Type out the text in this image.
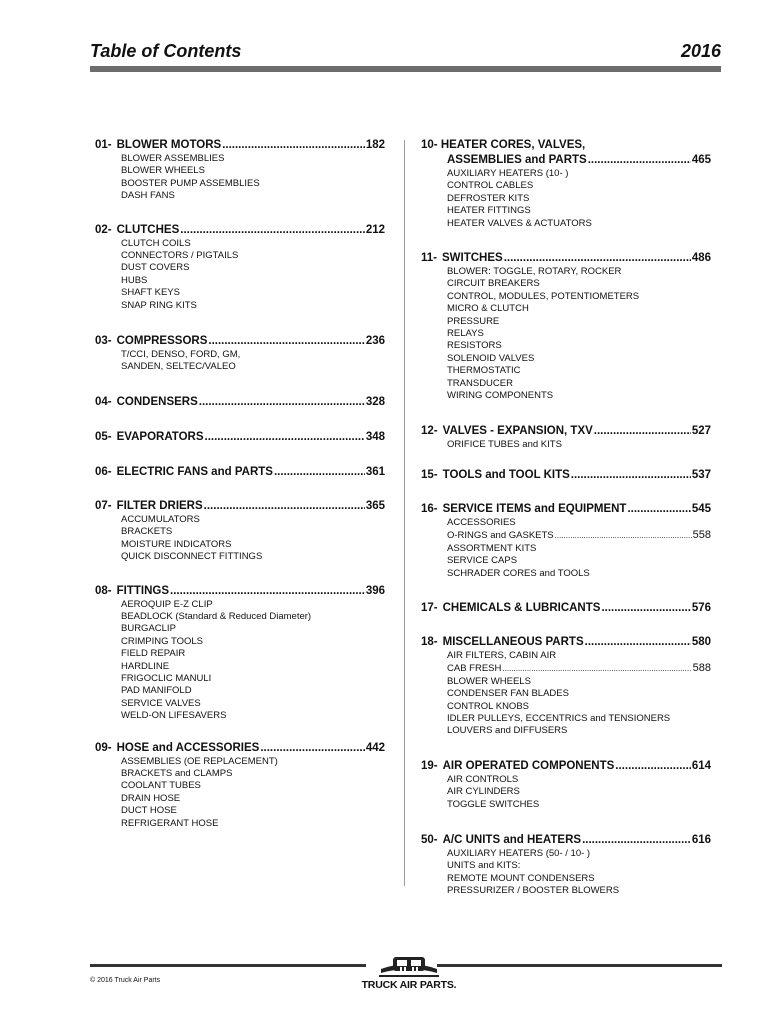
Table of Contents	2016
01- BLOWER MOTORS .....	182
BLOWER ASSEMBLIES
BLOWER WHEELS
BOOSTER PUMP ASSEMBLIES
DASH FANS
02- CLUTCHES .....	212
CLUTCH COILS
CONNECTORS / PIGTAILS
DUST COVERS
HUBS
SHAFT KEYS
SNAP RING KITS
03- COMPRESSORS .....	236
T/CCI, DENSO, FORD, GM,
SANDEN, SELTEC/VALEO
04- CONDENSERS .....	328
05- EVAPORATORS .....	348
06- ELECTRIC FANS and PARTS .....	361
07- FILTER DRIERS .....	365
ACCUMULATORS
BRACKETS
MOISTURE INDICATORS
QUICK DISCONNECT FITTINGS
08- FITTINGS .....	396
AEROQUIP E-Z CLIP
BEADLOCK (Standard & Reduced Diameter)
BURGACLIP
CRIMPING TOOLS
FIELD REPAIR
HARDLINE
FRIGOCLIC MANULI
PAD MANIFOLD
SERVICE VALVES
WELD-ON LIFESAVERS
09- HOSE and ACCESSORIES .....	442
ASSEMBLIES (OE REPLACEMENT)
BRACKETS and CLAMPS
COOLANT TUBES
DRAIN HOSE
DUCT HOSE
REFRIGERANT HOSE
10- HEATER CORES, VALVES,
ASSEMBLIES and PARTS .....	465
AUXILIARY HEATERS (10- )
CONTROL CABLES
DEFROSTER KITS
HEATER FITTINGS
HEATER VALVES & ACTUATORS
11- SWITCHES .....	486
BLOWER: TOGGLE, ROTARY, ROCKER
CIRCUIT BREAKERS
CONTROL, MODULES, POTENTIOMETERS
MICRO & CLUTCH
PRESSURE
RELAYS
RESISTORS
SOLENOID VALVES
THERMOSTATIC
TRANSDUCER
WIRING COMPONENTS
12- VALVES - EXPANSION, TXV .....	527
ORIFICE TUBES and KITS
15- TOOLS and TOOL KITS .....	537
16- SERVICE ITEMS and EQUIPMENT .....	545
ACCESSORIES
O-RINGS and GASKETS .....	558
ASSORTMENT KITS
SERVICE CAPS
SCHRADER CORES and TOOLS
17- CHEMICALS & LUBRICANTS .....	576
18- MISCELLANEOUS PARTS .....	580
AIR FILTERS, CABIN AIR
CAB FRESH .....	588
BLOWER WHEELS
CONDENSER FAN BLADES
CONTROL KNOBS
IDLER PULLEYS, ECCENTRICS and TENSIONERS
LOUVERS and DIFFUSERS
19- AIR OPERATED COMPONENTS .....	614
AIR CONTROLS
AIR CYLINDERS
TOGGLE SWITCHES
50- A/C UNITS and HEATERS .....	616
AUXILIARY HEATERS (50- / 10- )
UNITS and KITS:
REMOTE MOUNT CONDENSERS
PRESSURIZER / BOOSTER BLOWERS
© 2016 Truck Air Parts	TRUCK AIR PARTS.
